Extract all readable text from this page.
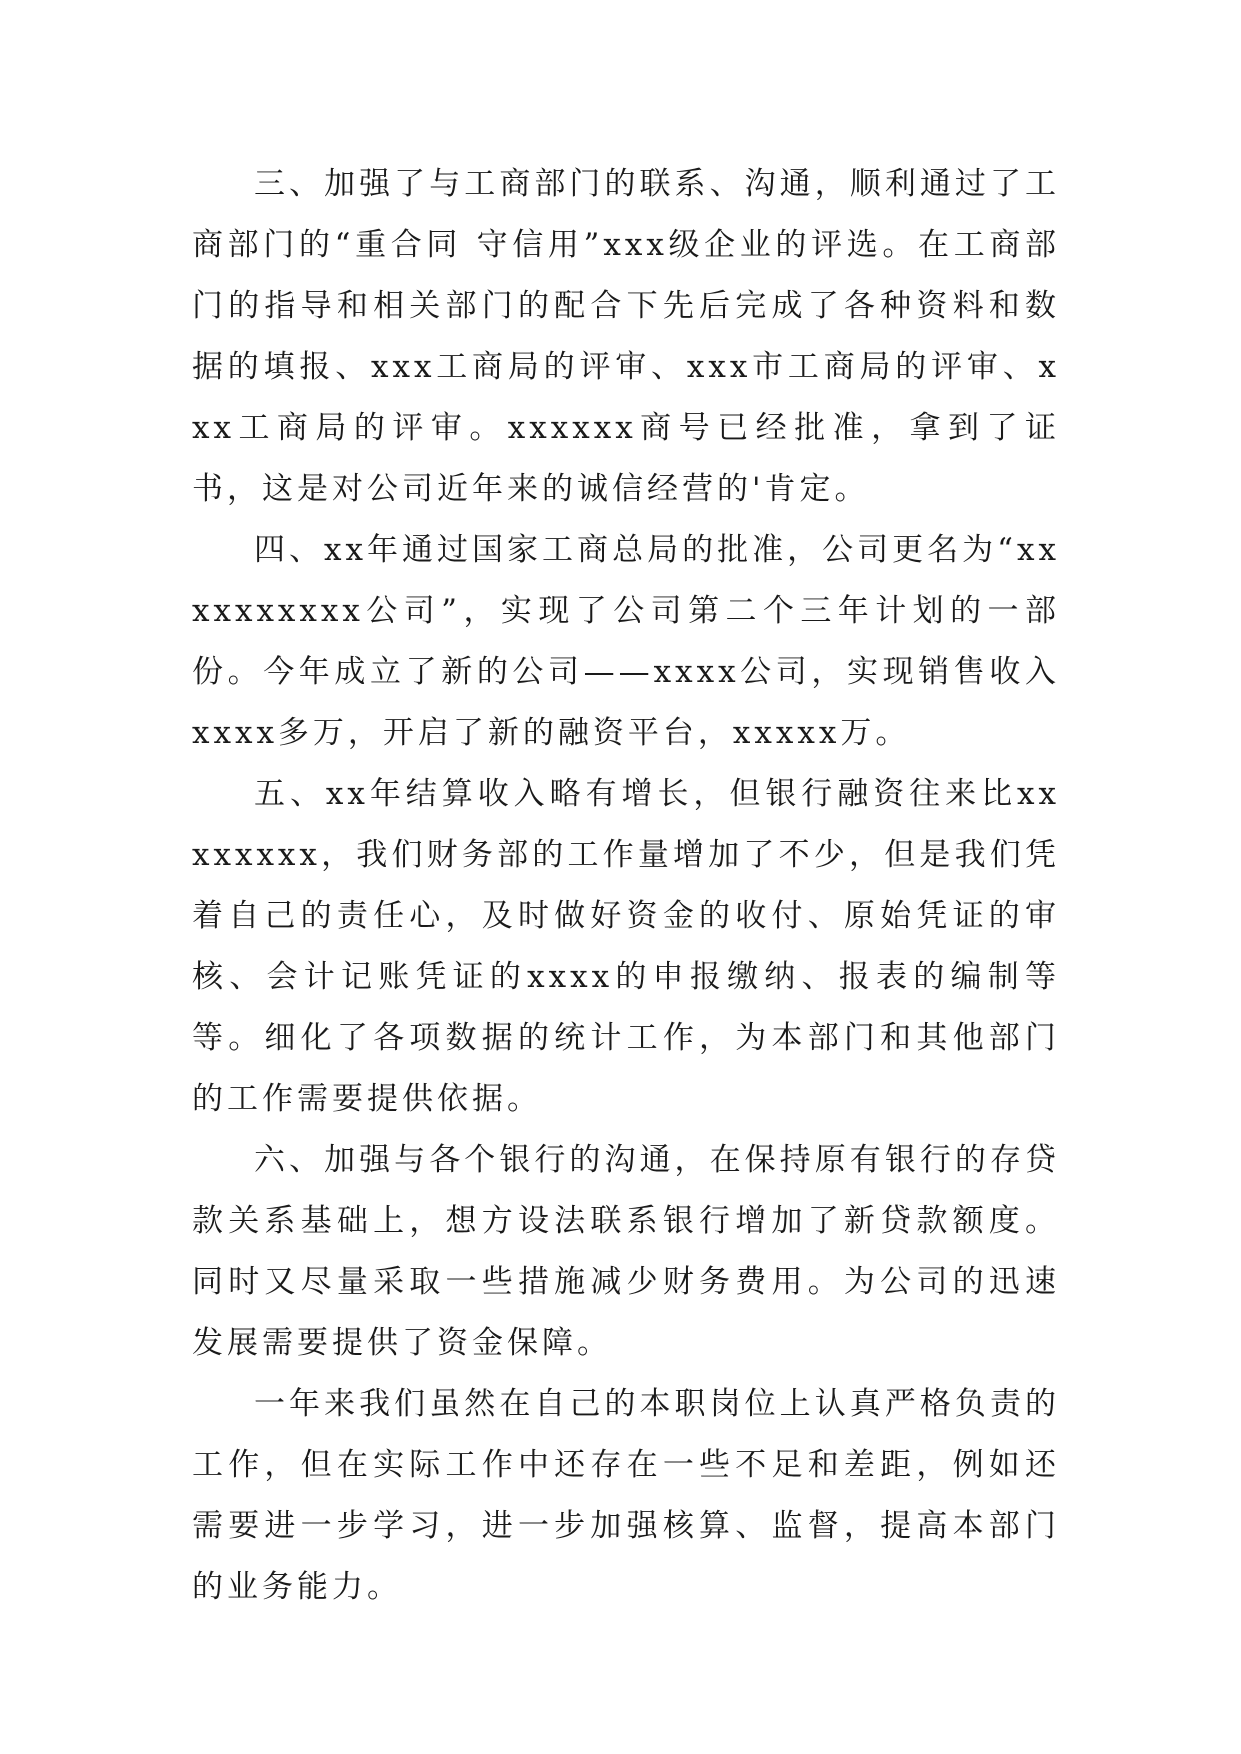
三、加强了与工商部门的联系、沟通，顺利通过了工商部门的“重合同 守信用”xxx级企业的评选。在工商部门的指导和相关部门的配合下先后完成了各种资料和数据的填报、xxx工商局的评审、xxx市工商局的评审、xxx工商局的评审。xxxxxx商号已经批准，拿到了证书，这是对公司近年来的诚信经营的'肯定。

四、xx年通过国家工商总局的批准，公司更名为“xxxxxxxxxx公司”，实现了公司第二个三年计划的一部份。今年成立了新的公司——xxxx公司，实现销售收入xxxx多万，开启了新的融资平台，xxxxx万。

五、xx年结算收入略有增长，但银行融资往来比xxxxxxxx，我们财务部的工作量增加了不少，但是我们凭着自己的责任心，及时做好资金的收付、原始凭证的审核、会计记账凭证的xxxx的申报缴纳、报表的编制等等。细化了各项数据的统计工作，为本部门和其他部门的工作需要提供依据。

六、加强与各个银行的沟通，在保持原有银行的存贷款关系基础上，想方设法联系银行增加了新贷款额度。同时又尽量采取一些措施减少财务费用。为公司的迅速发展需要提供了资金保障。

一年来我们虽然在自己的本职岗位上认真严格负责的工作，但在实际工作中还存在一些不足和差距，例如还需要进一步学习，进一步加强核算、监督，提高本部门的业务能力。
